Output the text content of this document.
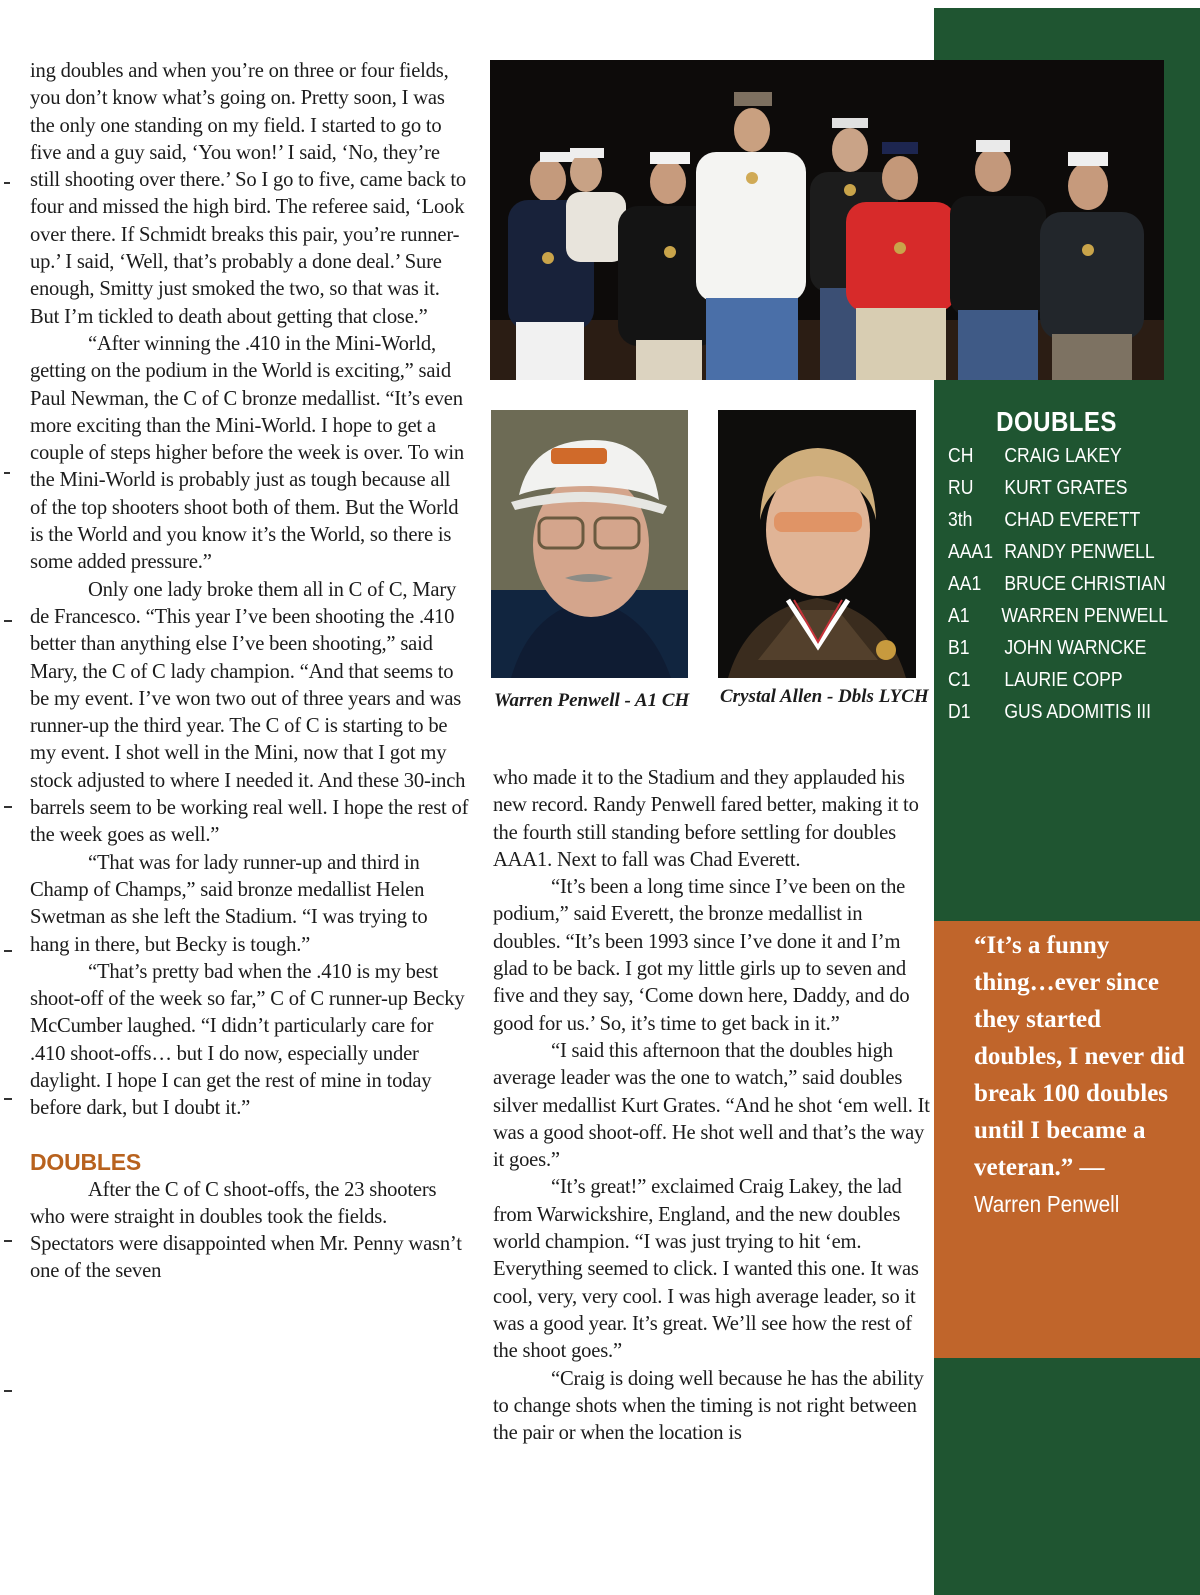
ing doubles and when you’re on three or four fields, you don’t know what’s going on. Pretty soon, I was the only one standing on my field. I started to go to five and a guy said, ‘You won!’ I said, ‘No, they’re still shooting over there.’ So I go to five, came back to four and missed the high bird. The referee said, ‘Look over there. If Schmidt breaks this pair, you’re runner-up.’ I said, ‘Well, that’s probably a done deal.’ Sure enough, Smitty just smoked the two, so that was it. But I’m tickled to death about getting that close.”

“After winning the .410 in the Mini-World, getting on the podium in the World is exciting,” said Paul Newman, the C of C bronze medallist. “It’s even more exciting than the Mini-World. I hope to get a couple of steps higher before the week is over. To win the Mini-World is probably just as tough because all of the top shooters shoot both of them. But the World is the World and you know it’s the World, so there is some added pressure.”

Only one lady broke them all in C of C, Mary de Francesco. “This year I’ve been shooting the .410 better than anything else I’ve been shooting,” said Mary, the C of C lady champion. “And that seems to be my event. I’ve won two out of three years and was runner-up the third year. The C of C is starting to be my event. I shot well in the Mini, now that I got my stock adjusted to where I needed it. And these 30-inch barrels seem to be working real well. I hope the rest of the week goes as well.”

“That was for lady runner-up and third in Champ of Champs,” said bronze medallist Helen Swetman as she left the Stadium. “I was trying to hang in there, but Becky is tough.”

“That’s pretty bad when the .410 is my best shoot-off of the week so far,” C of C runner-up Becky McCumber laughed. “I didn’t particularly care for .410 shoot-offs… but I do now, especially under daylight. I hope I can get the rest of mine in today before dark, but I doubt it.”

DOUBLES

After the C of C shoot-offs, the 23 shooters who were straight in doubles took the fields. Spectators were disappointed when Mr. Penny wasn’t one of the seven

Warren Penwell - A1 CH Crystal Allen - Dbls LYCH

who made it to the Stadium and they applauded his new record. Randy Penwell fared better, making it to the fourth still standing before settling for doubles AAA1. Next to fall was Chad Everett.

“It’s been a long time since I’ve been on the podium,” said Everett, the bronze medallist in doubles. “It’s been 1993 since I’ve done it and I’m glad to be back. I got my little girls up to seven and five and they say, ‘Come down here, Daddy, and do good for us.’ So, it’s time to get back in it.”

“I said this afternoon that the doubles high average leader was the one to watch,” said doubles silver medallist Kurt Grates. “And he shot ‘em well. It was a good shoot-off. He shot well and that’s the way it goes.”

“It’s great!” exclaimed Craig Lakey, the lad from Warwickshire, England, and the new doubles world champion. “I was just trying to hit ‘em. Everything seemed to click. I wanted this one. It was cool, very, very cool. I was high average leader, so it was a good year. It’s great. We’ll see how the rest of the shoot goes.”

“Craig is doing well because he has the ability to change shots when the timing is not right between the pair or when the location is

DOUBLES
CH	CRAIG LAKEY
RU	KURT GRATES
3th	CHAD EVERETT
AAA1 RANDY PENWELL
AA1	BRUCE CHRISTIAN
A1	WARREN PENWELL
B1	JOHN WARNCKE
C1	LAURIE COPP
D1	GUS ADOMITIS III
“It’s a funny thing…ever since they started doubles, I never did break 100 doubles until I became a veteran.” —
Warren Penwell
